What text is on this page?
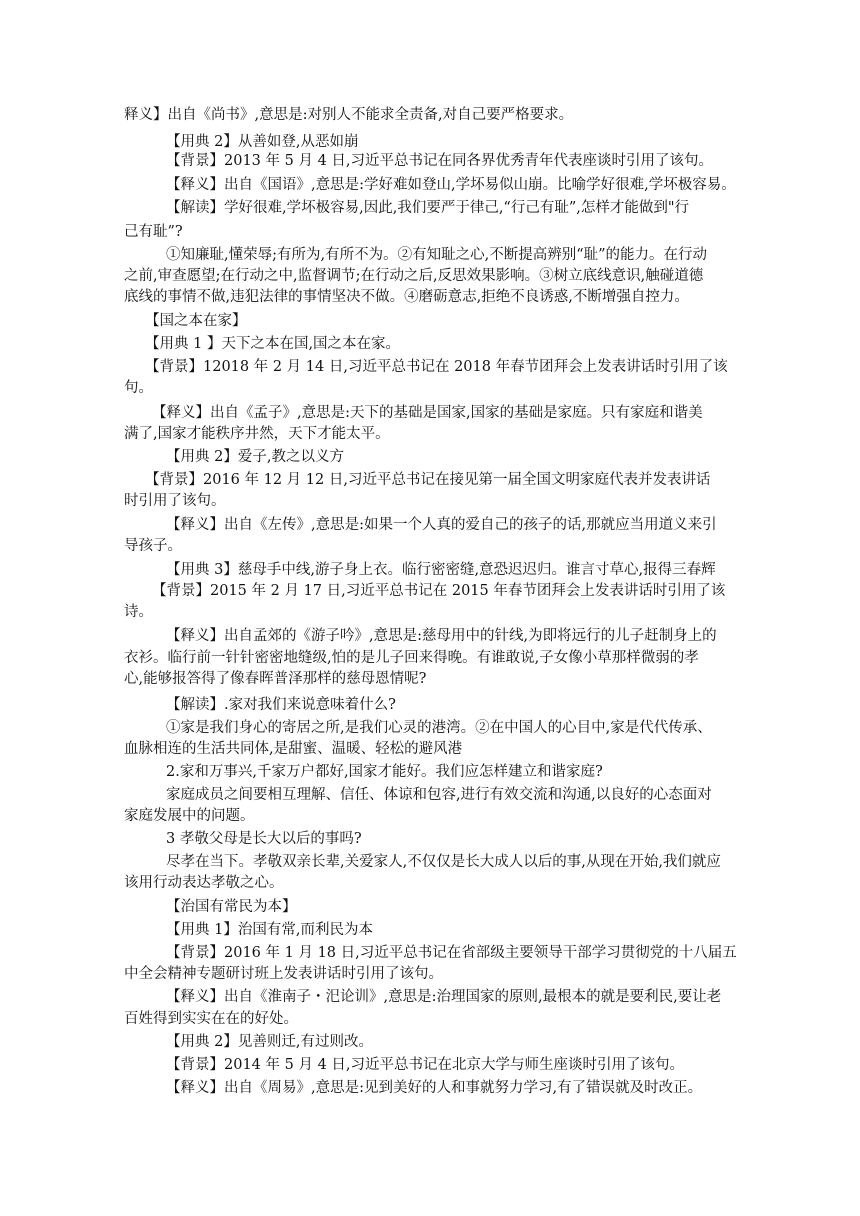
释义】出自《尚书》,意思是:对别人不能求全责备,对自己要严格要求。
【用典 2】从善如登,从恶如崩
【背景】2013 年 5 月 4 日,习近平总书记在同各界优秀青年代表座谈时引用了该句。
【释义】出自《国语》,意思是:学好难如登山,学坏易似山崩。比喻学好很难,学坏极容易。
【解读】学好很难,学坏极容易,因此,我们要严于律己,“行己有耻”,怎样才能做到"行
己有耻”?
①知廉耻,懂荣辱;有所为,有所不为。②有知耻之心,不断提高辨别“耻”的能力。在行动
之前,审查愿望;在行动之中,监督调节;在行动之后,反思效果影响。③树立底线意识,触碰道德
底线的事情不做,违犯法律的事情坚决不做。④磨砺意志,拒绝不良诱惑,不断增强自控力。
【国之本在家】
【用典 1 】天下之本在国,国之本在家。
【背景】12018 年 2 月 14 日,习近平总书记在 2018 年春节团拜会上发表讲话时引用了该
句。
【释义】出自《孟子》,意思是:天下的基础是国家,国家的基础是家庭。只有家庭和谐美
满了,国家才能秩序井然，天下才能太平。
【用典 2】爱子,教之以义方
【背景】2016 年 12 月 12 日,习近平总书记在接见第一届全国文明家庭代表并发表讲话
时引用了该句。
【释义】出自《左传》,意思是:如果一个人真的爱自己的孩子的话,那就应当用道义来引
导孩子。
【用典 3】慈母手中线,游子身上衣。临行密密缝,意恐迟迟归。谁言寸草心,报得三春辉
【背景】2015 年 2 月 17 日,习近平总书记在 2015 年春节团拜会上发表讲话时引用了该
诗。
【释义】出自孟郊的《游子吟》,意思是:慈母用中的针线,为即将远行的儿子赶制身上的
衣衫。临行前一针针密密地缝级,怕的是儿子回来得晚。有谁敢说,子女像小草那样微弱的孝
心,能够报答得了像春晖普泽那样的慈母恩情呢?
【解读】.家对我们来说意味着什么?
①家是我们身心的寄居之所,是我们心灵的港湾。②在中国人的心目中,家是代代传承、
血脉相连的生活共同体,是甜蜜、温暖、轻松的避风港
2.家和万事兴,千家万户都好,国家才能好。我们应怎样建立和谐家庭?
家庭成员之间要相互理解、信任、体谅和包容,进行有效交流和沟通,以良好的心态面对
家庭发展中的问题。
3 孝敬父母是长大以后的事吗?
尽孝在当下。孝敬双亲长辈,关爱家人,不仅仅是长大成人以后的事,从现在开始,我们就应
该用行动表达孝敬之心。
【治国有常民为本】
【用典 1】治国有常,而利民为本
【背景】2016 年 1 月 18 日,习近平总书记在省部级主要领导干部学习贯彻党的十八届五
中全会精神专题研讨班上发表讲话时引用了该句。
【释义】出自《淮南子・汜论训》,意思是:治理国家的原则,最根本的就是要利民,要让老
百姓得到实实在在的好处。
【用典 2】见善则迁,有过则改。
【背景】2014 年 5 月 4 日,习近平总书记在北京大学与师生座谈时引用了该句。
【释义】出自《周易》,意思是:见到美好的人和事就努力学习,有了错误就及时改正。
